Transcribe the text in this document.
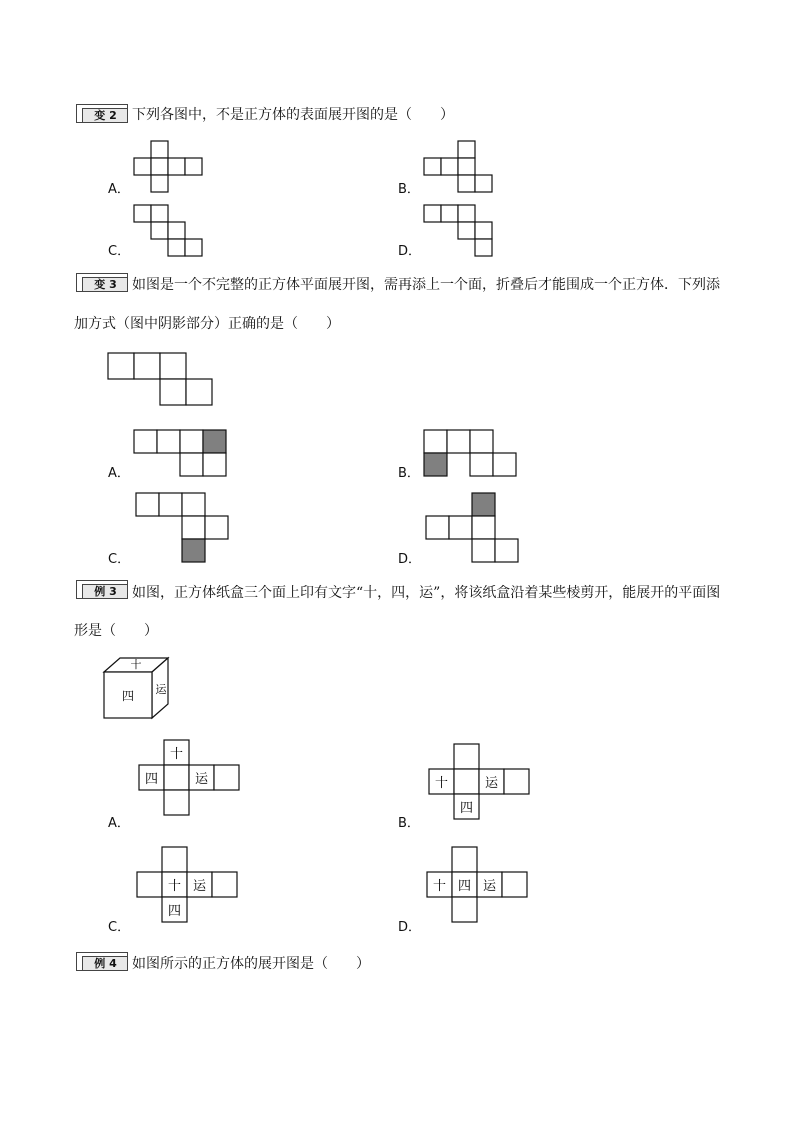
变 2	下列各图中，不是正方体的表面展开图的是（　　）
A．	B．
C．	D．
变 3	如图是一个不完整的正方体平面展开图，需再添上一个面，折叠后才能围成一个正方体．下列添
加方式（图中阴影部分）正确的是（　　）
A．	B．
C．	D．
例 3	如图，正方体纸盒三个面上印有文字“十，四，运”，将该纸盒沿着某些棱剪开，能展开的平面图
形是（　　）
十
四 运
十
四	运
A．
十	运
四
B．
十 运
四
C．
十 四 运
D．
例 4	如图所示的正方体的展开图是（　　）
